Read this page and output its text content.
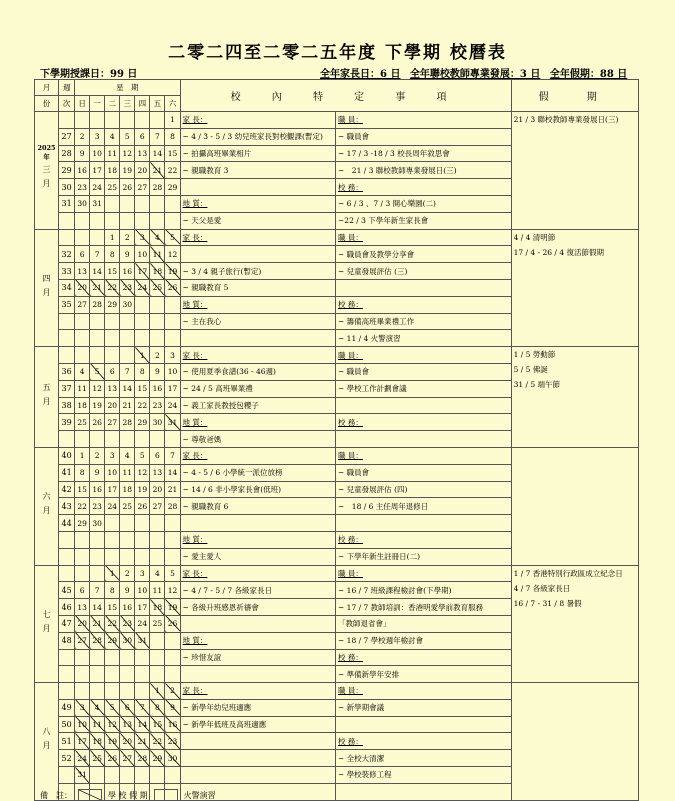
二零二四至二零二五年度 下學期 校曆表
下學期授課日：99 日	全年家長日：6 日 全年聯校教師專業發展：3 日 全年假期：88 日
月	週	星　期							校 內 特 定 事 項		假　期
份	次	日	一	二	三	四	五	六			

2025
年
三月								1	家 長：	職 員：	21 / 3 聯校教師專業發展日(三)

	27	2	3	4	5	6	7	8	~ 4 / 3 - 5 / 3 幼兒班家長對校觀課(暫定)	~ 職員會	
	28	9	10	11	12	13	14	15	~ 拍攝高班畢業相片	~ 17 / 3 -18 / 3 校長周年敘思會	
	29	16	17	18	19	20	21	22	~ 親職教育 3	~　21 / 3 聯校教師專業發展日(三)	
	30	23	24	25	26	27	28	29		校 務：	
	31	30	31						地 質：	~ 6 / 3 、7 / 3 開心樂園(二)	
									~ 天父是愛	~22 / 3 下學年新生家長會	

四月				1	2	3	4	5	家 長：	職 員：	4 / 4 清明節
17 / 4 - 26 / 4 復活節假期

	32	6	7	8	9	10	11	12		~ 職員會及教學分享會	
	33	13	14	15	16	17	18	19	~ 3 / 4 親子旅行(暫定)	~ 兒童發展評估 (三)	
	34	20	21	22	23	24	25	26	~ 親職教育 5		
	35	27	28	29	30				地 質：	校 務：	
									~ 主在我心	~ 籌備高班畢業禮工作	
										~ 11 / 4 火警演習	

五月						1	2	3	家 長：	職 員：	1 / 5 勞動節
5 / 5 佛誕
31 / 5 端午節

	36	4	5	6	7	8	9	10	~ 使用夏季食譜(36 - 46週)	~ 職員會	
	37	11	12	13	14	15	16	17	~ 24 / 5 高班畢業禮	~ 學校工作計劃會議	
	38	18	19	20	21	22	23	24	~ 義工家長教授包糭子		
	39	25	26	27	28	29	30	31	地 質：	校 務：	
									~ 尊敬爸媽		

六月	40	1	2	3	4	5	6	7	家 長：	職 員：	
	41	8	9	10	11	12	13	14	~ 4 - 5 / 6 小學統一派位放榜	~ 職員會	
	42	15	16	17	18	19	20	21	~ 14 / 6 非小學家長會(低班)	~ 兒童發展評估 (四)	
	43	22	23	24	25	26	27	28	~ 親職教育 6	~　18 / 6 主任周年退修日	
	44	29	30								
									地 質：	校 務：	
									~ 愛主愛人	~ 下學年新生註冊日(二)	

七月				1	2	3	4	5	家 長：	職 員：	1 / 7 香港特別行政區成立紀念日
4 / 7 各級家長日
16 / 7 - 31 / 8 暑假

	45	6	7	8	9	10	11	12	~ 4 / 7 - 5 / 7 各級家長日	~ 16 / 7 班級課程檢討會(下學期)	
	46	13	14	15	16	17	18	19	~ 各級升班感恩祈禱會	~ 17 / 7 教師培訓：香港明愛學前教育服務	
	47	20	21	22	23	24	25	26		「教師退省會」	
	48	27	28	29	30	31			地 質：	~ 18 / 7 學校週年檢討會	
									~ 珍惜友誼	校 務：	
										~ 準備新學年安排	

八月							1	2	家 長：	職 員：	
	49	3	4	5	6	7	8	9	~ 新學年幼兒班適應	~ 新學期會議	
	50	10	11	12	13	14	15	16	~ 新學年低班及高班適應		
	51	17	18	19	20	21	22	23		校 務：	
	52	24	25	26	27	28	29	30		~ 全校大清潔	
		31								~ 學校裝修工程	

備　註：	學 校 假 期	火警演習
